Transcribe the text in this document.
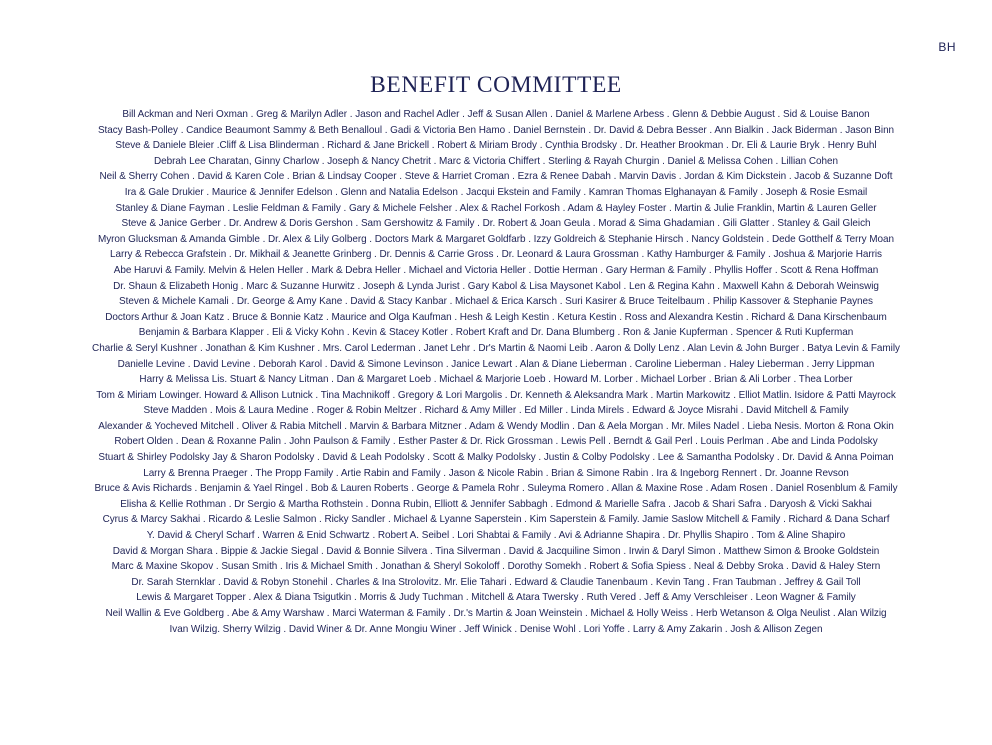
BH
BENEFIT COMMITTEE
Bill Ackman and Neri Oxman . Greg & Marilyn Adler . Jason and Rachel Adler . Jeff & Susan Allen . Daniel & Marlene Arbess . Glenn & Debbie August . Sid & Louise Banon
Stacy Bash-Polley . Candice Beaumont Sammy & Beth Benalloul . Gadi & Victoria Ben Hamo . Daniel Bernstein . Dr. David & Debra Besser . Ann Bialkin . Jack Biderman . Jason Binn
Steve & Daniele Bleier .Cliff & Lisa Blinderman . Richard & Jane Brickell . Robert & Miriam Brody . Cynthia Brodsky . Dr. Heather Brookman . Dr. Eli & Laurie Bryk . Henry Buhl
Debrah Lee Charatan, Ginny Charlow . Joseph & Nancy Chetrit . Marc & Victoria Chiffert . Sterling & Rayah Churgin . Daniel & Melissa Cohen . Lillian Cohen
Neil & Sherry Cohen . David & Karen Cole . Brian & Lindsay Cooper . Steve & Harriet Croman . Ezra & Renee Dabah . Marvin Davis . Jordan & Kim Dickstein . Jacob & Suzanne Doft
Ira & Gale Drukier . Maurice & Jennifer Edelson . Glenn and Natalia Edelson . Jacqui Ekstein and Family . Kamran Thomas Elghanayan & Family . Joseph & Rosie Esmail
Stanley & Diane Fayman . Leslie Feldman & Family . Gary & Michele Felsher . Alex & Rachel Forkosh . Adam & Hayley Foster . Martin & Julie Franklin, Martin & Lauren Geller
Steve & Janice Gerber . Dr. Andrew & Doris Gershon . Sam Gershowitz & Family . Dr. Robert & Joan Geula . Morad & Sima Ghadamian . Gili Glatter . Stanley & Gail Gleich
Myron Glucksman & Amanda Gimble . Dr. Alex & Lily Golberg . Doctors Mark & Margaret Goldfarb . Izzy Goldreich & Stephanie Hirsch . Nancy Goldstein . Dede Gotthelf & Terry Moan
Larry & Rebecca Grafstein . Dr. Mikhail & Jeanette Grinberg . Dr. Dennis & Carrie Gross . Dr. Leonard & Laura Grossman . Kathy Hamburger & Family . Joshua & Marjorie Harris
Abe Haruvi & Family. Melvin & Helen Heller . Mark & Debra Heller . Michael and Victoria Heller . Dottie Herman . Gary Herman & Family . Phyllis Hoffer . Scott & Rena Hoffman
Dr. Shaun & Elizabeth Honig . Marc & Suzanne Hurwitz . Joseph & Lynda Jurist . Gary Kabol & Lisa Maysonet Kabol . Len & Regina Kahn . Maxwell Kahn & Deborah Weinswig
Steven & Michele Kamali . Dr. George & Amy Kane . David & Stacy Kanbar . Michael & Erica Karsch . Suri Kasirer & Bruce Teitelbaum . Philip Kassover & Stephanie Paynes
Doctors Arthur & Joan Katz . Bruce & Bonnie Katz . Maurice and Olga Kaufman . Hesh & Leigh Kestin . Ketura Kestin . Ross and Alexandra Kestin . Richard & Dana Kirschenbaum
Benjamin & Barbara Klapper . Eli & Vicky Kohn . Kevin & Stacey Kotler . Robert Kraft and Dr. Dana Blumberg . Ron & Janie Kupferman . Spencer & Ruti Kupferman
Charlie & Seryl Kushner . Jonathan & Kim Kushner . Mrs. Carol Lederman . Janet Lehr . Dr's Martin & Naomi Leib . Aaron & Dolly Lenz . Alan Levin & John Burger . Batya Levin & Family
Danielle Levine . David Levine . Deborah Karol . David & Simone Levinson . Janice Lewart . Alan & Diane Lieberman . Caroline Lieberman . Haley Lieberman . Jerry Lippman
Harry & Melissa Lis. Stuart & Nancy Litman . Dan & Margaret Loeb . Michael & Marjorie Loeb . Howard M. Lorber . Michael Lorber . Brian & Ali Lorber . Thea Lorber
Tom & Miriam Lowinger. Howard & Allison Lutnick . Tina Machnikoff . Gregory & Lori Margolis . Dr. Kenneth & Aleksandra Mark . Martin Markowitz . Elliot Matlin. Isidore & Patti Mayrock
Steve Madden . Mois & Laura Medine . Roger & Robin Meltzer . Richard & Amy Miller . Ed Miller . Linda Mirels . Edward & Joyce Misrahi . David Mitchell & Family
Alexander & Yocheved Mitchell . Oliver & Rabia Mitchell . Marvin & Barbara Mitzner . Adam & Wendy Modlin . Dan & Aela Morgan . Mr. Miles Nadel . Lieba Nesis. Morton & Rona Okin
Robert Olden . Dean & Roxanne Palin . John Paulson & Family . Esther Paster & Dr. Rick Grossman . Lewis Pell . Berndt & Gail Perl . Louis Perlman . Abe and Linda Podolsky
Stuart & Shirley Podolsky Jay & Sharon Podolsky . David & Leah Podolsky . Scott & Malky Podolsky . Justin & Colby Podolsky . Lee & Samantha Podolsky . Dr. David & Anna Poiman
Larry & Brenna Praeger . The Propp Family . Artie Rabin and Family . Jason & Nicole Rabin . Brian & Simone Rabin . Ira & Ingeborg Rennert . Dr. Joanne Revson
Bruce & Avis Richards . Benjamin & Yael Ringel . Bob & Lauren Roberts . George & Pamela Rohr . Suleyma Romero . Allan & Maxine Rose . Adam Rosen . Daniel Rosenblum & Family
Elisha & Kellie Rothman . Dr Sergio & Martha Rothstein . Donna Rubin, Elliott & Jennifer Sabbagh . Edmond & Marielle Safra . Jacob & Shari Safra . Daryosh & Vicki Sakhai
Cyrus & Marcy Sakhai . Ricardo & Leslie Salmon . Ricky Sandler . Michael & Lyanne Saperstein . Kim Saperstein & Family. Jamie Saslow Mitchell & Family . Richard & Dana Scharf
Y. David & Cheryl Scharf . Warren & Enid Schwartz . Robert A. Seibel . Lori Shabtai & Family . Avi & Adrianne Shapira . Dr. Phyllis Shapiro . Tom & Aline Shapiro
David & Morgan Shara . Bippie & Jackie Siegal . David & Bonnie Silvera . Tina Silverman . David & Jacquiline Simon . Irwin & Daryl Simon . Matthew Simon & Brooke Goldstein
Marc & Maxine Skopov . Susan Smith . Iris & Michael Smith . Jonathan & Sheryl Sokoloff . Dorothy Somekh . Robert & Sofia Spiess . Neal & Debby Sroka . David & Haley Stern
Dr. Sarah Sternklar . David & Robyn Stonehil . Charles & Ina Strolovitz. Mr. Elie Tahari . Edward & Claudie Tanenbaum . Kevin Tang . Fran Taubman . Jeffrey & Gail Toll
Lewis & Margaret Topper . Alex & Diana Tsigutkin . Morris & Judy Tuchman . Mitchell & Atara Twersky . Ruth Vered . Jeff & Amy Verschleiser . Leon Wagner & Family
Neil Wallin & Eve Goldberg . Abe & Amy Warshaw . Marci Waterman & Family . Dr.'s Martin & Joan Weinstein . Michael & Holly Weiss . Herb Wetanson & Olga Neulist . Alan Wilzig
Ivan Wilzig. Sherry Wilzig . David Winer & Dr. Anne Mongiu Winer . Jeff Winick . Denise Wohl . Lori Yoffe . Larry & Amy Zakarin . Josh & Allison Zegen
